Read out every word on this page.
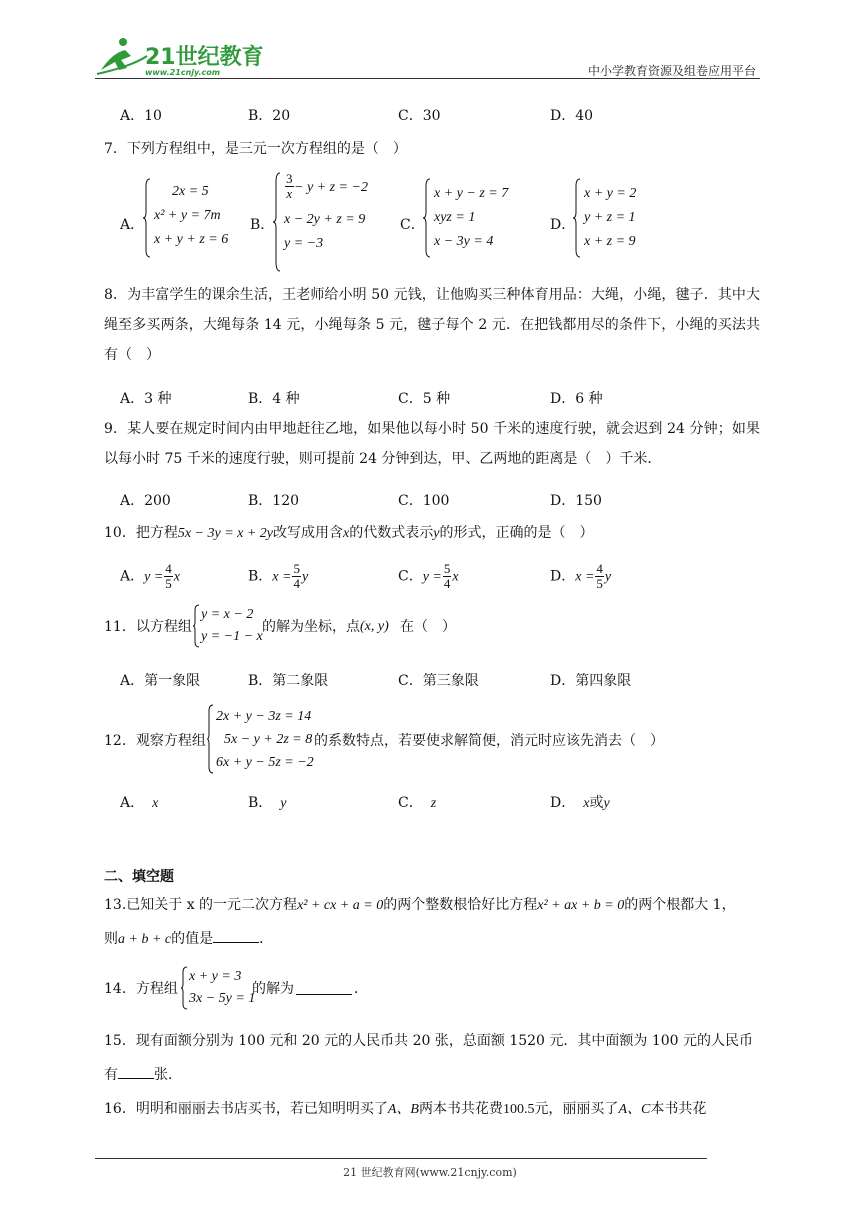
21世纪教育
www.21cnjy.com	中小学教育资源及组卷应用平台
A．10	B．20	C．30	D．40
7．下列方程组中，是三元一次方程组的是（　）
A．
2x = 5
x² + y = 7m
x + y + z = 6
B．
$\frac{3}{x} - y + z = -2$
x − 2y + z = 9
y = −3
C．
x + y − z = 7
xyz = 1
x − 3y = 4
D．
x + y = 2
y + z = 1
x + z = 9
8．为丰富学生的课余生活，王老师给小明 50 元钱，让他购买三种体育用品：大绳，小绳，毽子．其中大绳至多买两条，大绳每条 14 元，小绳每条 5 元，毽子每个 2 元．在把钱都用尽的条件下，小绳的买法共有（　）
A．3 种	B．4 种	C．5 种	D．6 种
9．某人要在规定时间内由甲地赶往乙地，如果他以每小时 50 千米的速度行驶，就会迟到 24 分钟；如果以每小时 75 千米的速度行驶，则可提前 24 分钟到达，甲、乙两地的距离是（　）千米．
A．200	B．120	C．100	D．150
10．把方程5x − 3y = x + 2y改写成用含x的代数式表示y的形式，正确的是（　）
A．$y = \frac{4}{5}$ x	B．$x = \frac{5}{4}$ y	C．$y = \frac{5}{4}$ x	D．$x = \frac{4}{5}$ y
11．以方程组
y = x − 2
y = −1 − x
的解为坐标，点 (x, y) 在（　）
A．第一象限	B．第二象限	C．第三象限	D．第四象限
12．观察方程组
2x + y − 3z = 14
5x − y + 2z = 8
6x + y − 5z = −2
的系数特点，若要使求解简便，消元时应该先消去（　）
A． x	B． y	C． z	D． x或y
二、填空题
13.已知关于 x 的一元二次方程x² + cx + a = 0的两个整数根恰好比方程x² + ax + b = 0的两个根都大 1，
则a + b + c的值是	．
14．方程组
x + y = 3
3x − 5y = 1
的解为	．
15．现有面额分别为 100 元和 20 元的人民币共 20 张，总面额 1520 元．其中面额为 100 元的人民币
有	张．
16．明明和丽丽去书店买书，若已知明明买了A、B两本书共花费100.5元，丽丽买了A、C本书共花
21 世纪教育网(www.21cnjy.com)
